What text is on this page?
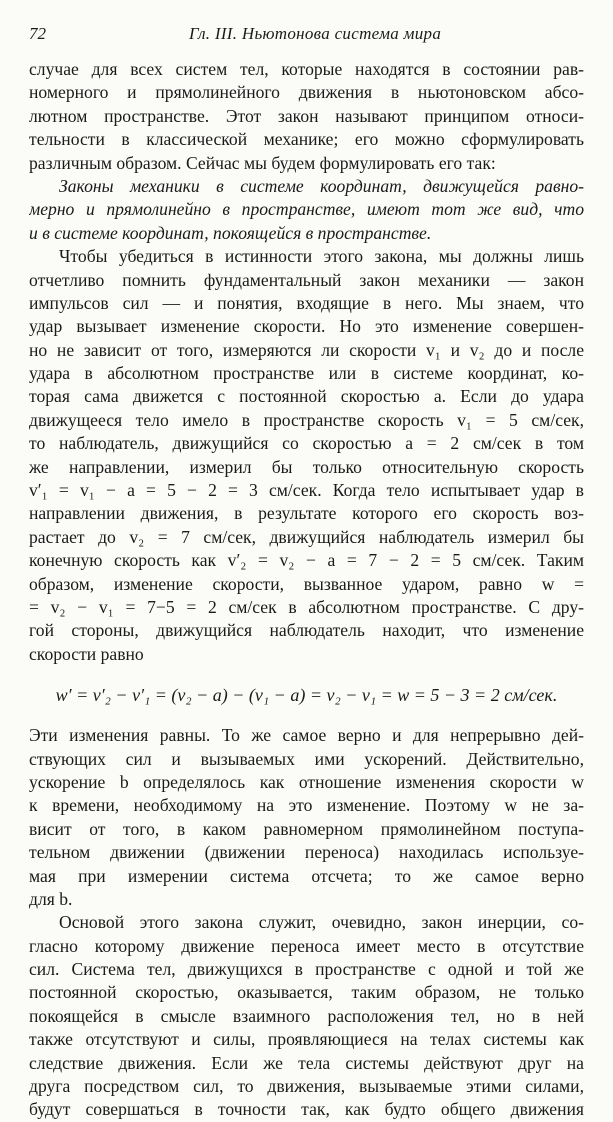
72	Гл. III. Ньютонова система мира
случае для всех систем тел, которые находятся в состоянии рав-
номерного и прямолинейного движения в ньютоновском абсо-
лютном пространстве. Этот закон называют принципом относи-
тельности в классической механике; его можно сформулировать
различным образом. Сейчас мы будем формулировать его так:
Законы механики в системе координат, движущейся равно-
мерно и прямолинейно в пространстве, имеют тот же вид, что
и в системе координат, покоящейся в пространстве.
Чтобы убедиться в истинности этого закона, мы должны лишь
отчетливо помнить фундаментальный закон механики — закон
импульсов сил — и понятия, входящие в него. Мы знаем, что
удар вызывает изменение скорости. Но это изменение совершен-
но не зависит от того, измеряются ли скорости v₁ и v₂ до и после
удара в абсолютном пространстве или в системе координат, ко-
торая сама движется с постоянной скоростью a. Если до удара
движущееся тело имело в пространстве скорость v₁ = 5 см/сек,
то наблюдатель, движущийся со скоростью a = 2 см/сек в том
же направлении, измерил бы только относительную скорость
v′₁ = v₁ − a = 5 − 2 = 3 см/сек. Когда тело испытывает удар в
направлении движения, в результате которого его скорость воз-
растает до v₂ = 7 см/сек, движущийся наблюдатель измерил бы
конечную скорость как v′₂ = v₂ − a = 7 − 2 = 5 см/сек. Таким
образом, изменение скорости, вызванное ударом, равно w =
= v₂ − v₁ = 7−5 = 2 см/сек в абсолютном пространстве. С дру-
гой стороны, движущийся наблюдатель находит, что изменение
скорости равно
w′ = v′₂ − v′₁ = (v₂ − a) − (v₁ − a) = v₂ − v₁ = w = 5 − 3 = 2 см/сек.
Эти изменения равны. То же самое верно и для непрерывно дей-
ствующих сил и вызываемых ими ускорений. Действительно,
ускорение b определялось как отношение изменения скорости w
к времени, необходимому на это изменение. Поэтому w не за-
висит от того, в каком равномерном прямолинейном поступа-
тельном движении (движении переноса) находилась используе-
мая при измерении система отсчета; то же самое верно
для b.
Основой этого закона служит, очевидно, закон инерции, со-
гласно которому движение переноса имеет место в отсутствие
сил. Система тел, движущихся в пространстве с одной и той же
постоянной скоростью, оказывается, таким образом, не только
покоящейся в смысле взаимного расположения тел, но в ней
также отсутствуют и силы, проявляющиеся на телах системы как
следствие движения. Если же тела системы действуют друг на
друга посредством сил, то движения, вызываемые этими силами,
будут совершаться в точности так, как будто общего движения
